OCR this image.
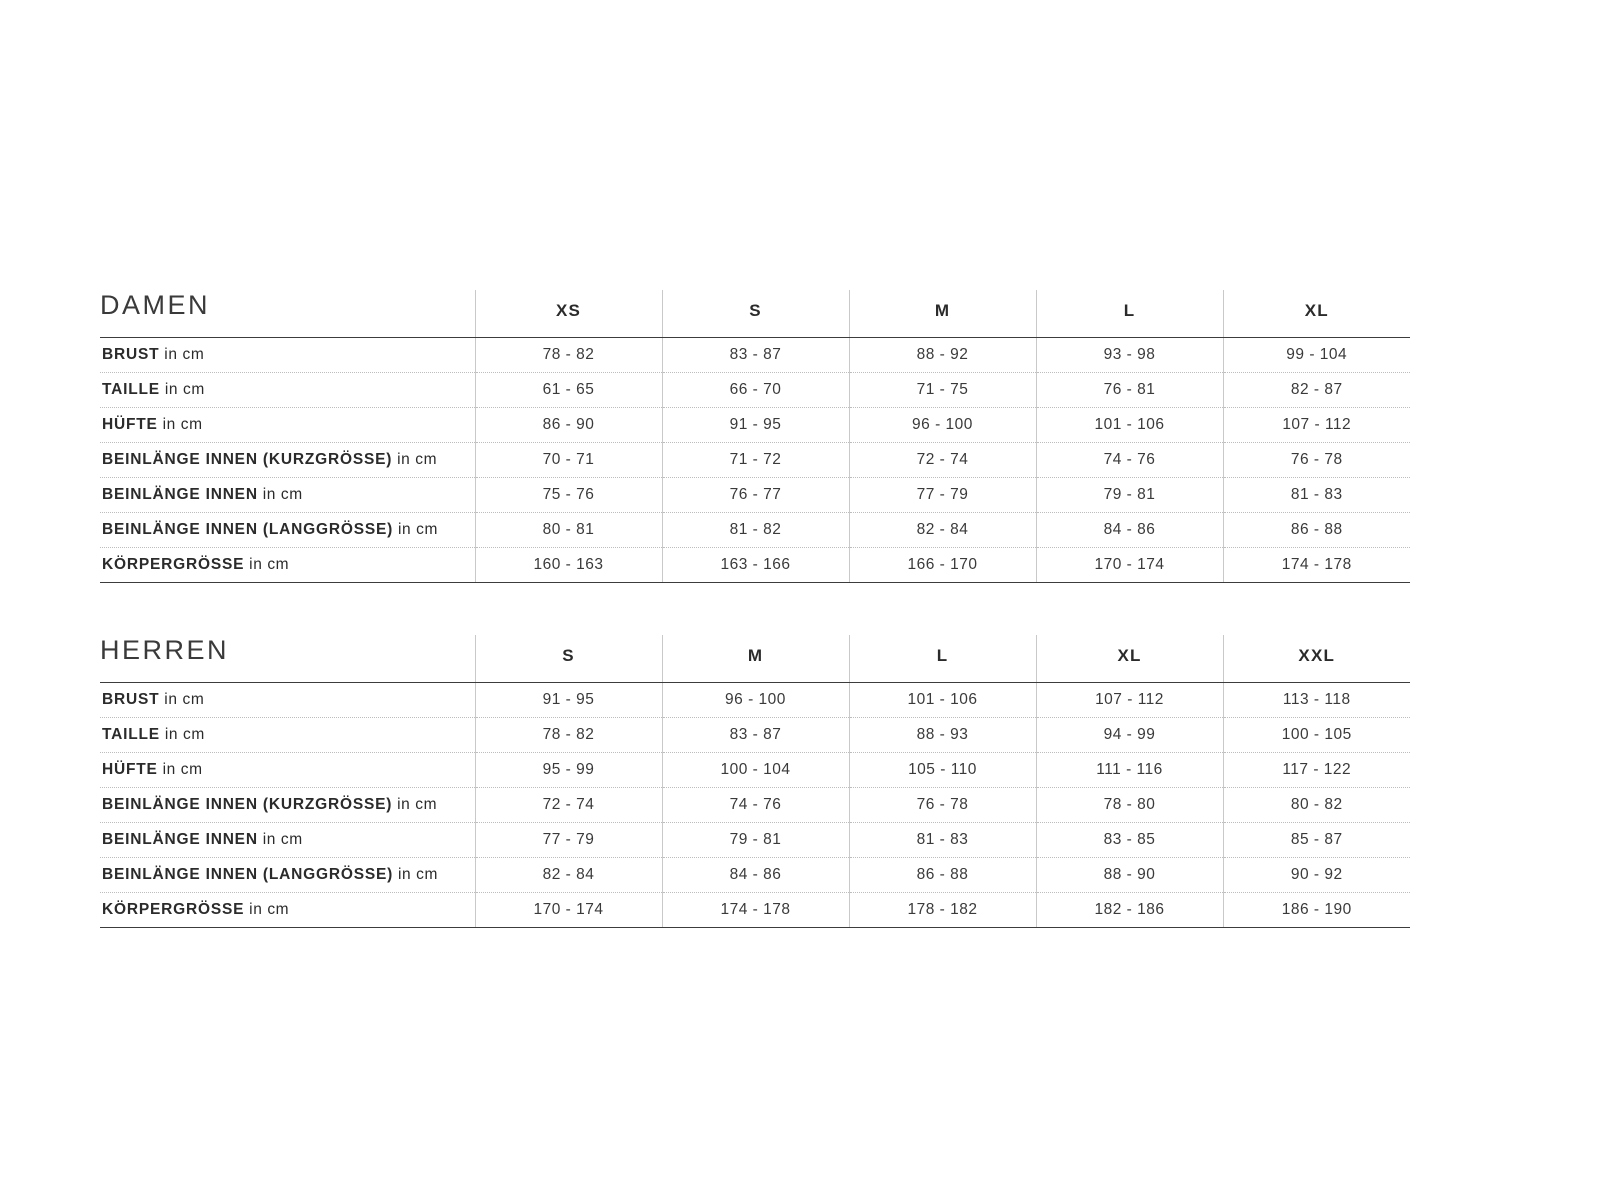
DAMEN	XS	S	M	L	XL
BRUST in cm	78 - 82	83 - 87	88 - 92	93 - 98	99 - 104
TAILLE in cm	61 - 65	66 - 70	71 - 75	76 - 81	82 - 87
HÜFTE in cm	86 - 90	91 - 95	96 - 100	101 - 106	107 - 112
BEINLÄNGE INNEN (KURZGRÖSSE) in cm	70 - 71	71 - 72	72 - 74	74 - 76	76 - 78
BEINLÄNGE INNEN in cm	75 - 76	76 - 77	77 - 79	79 - 81	81 - 83
BEINLÄNGE INNEN (LANGGRÖSSE) in cm	80 - 81	81 - 82	82 - 84	84 - 86	86 - 88
KÖRPERGRÖSSE in cm	160 - 163	163 - 166	166 - 170	170 - 174	174 - 178
HERREN	S	M	L	XL	XXL
BRUST in cm	91 - 95	96 - 100	101 - 106	107 - 112	113 - 118
TAILLE in cm	78 - 82	83 - 87	88 - 93	94 - 99	100 - 105
HÜFTE in cm	95 - 99	100 - 104	105 - 110	111 - 116	117 - 122
BEINLÄNGE INNEN (KURZGRÖSSE) in cm	72 - 74	74 - 76	76 - 78	78 - 80	80 - 82
BEINLÄNGE INNEN in cm	77 - 79	79 - 81	81 - 83	83 - 85	85 - 87
BEINLÄNGE INNEN (LANGGRÖSSE) in cm	82 - 84	84 - 86	86 - 88	88 - 90	90 - 92
KÖRPERGRÖSSE in cm	170 - 174	174 - 178	178 - 182	182 - 186	186 - 190
